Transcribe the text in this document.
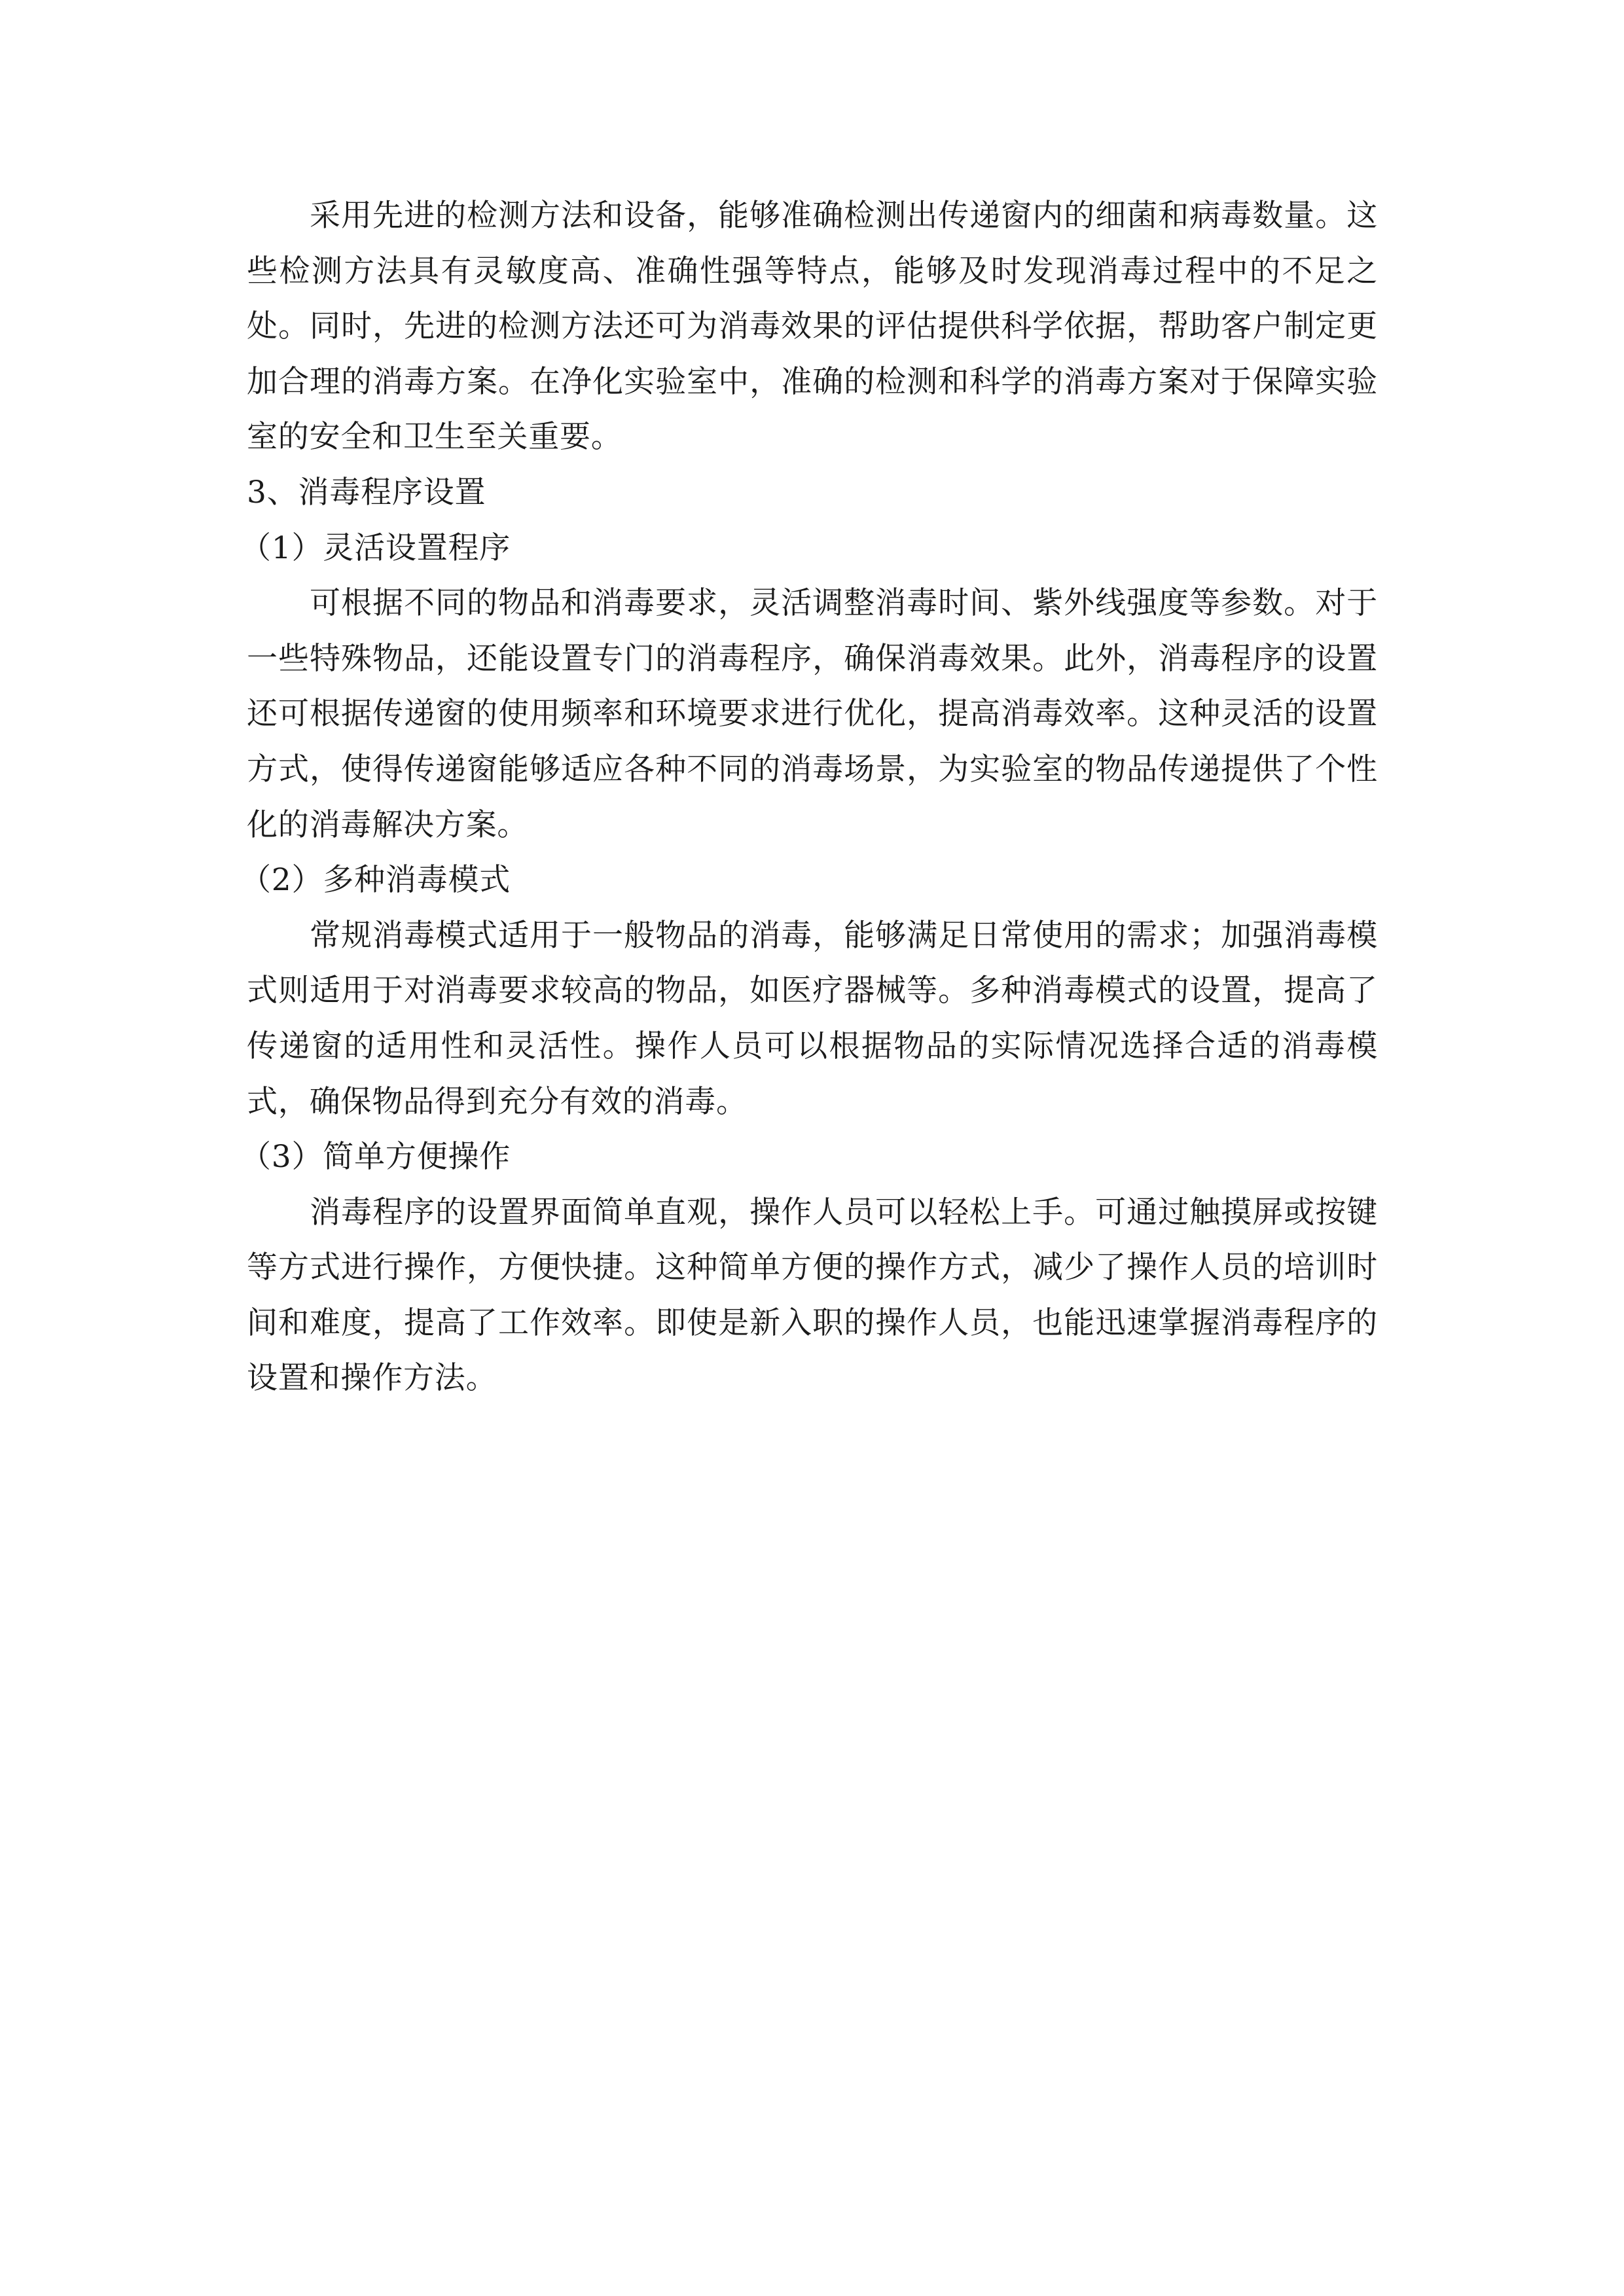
采用先进的检测方法和设备，能够准确检测出传递窗内的细菌和病毒数量。这些检测方法具有灵敏度高、准确性强等特点，能够及时发现消毒过程中的不足之处。同时，先进的检测方法还可为消毒效果的评估提供科学依据，帮助客户制定更加合理的消毒方案。在净化实验室中，准确的检测和科学的消毒方案对于保障实验室的安全和卫生至关重要。

3、消毒程序设置

（1）灵活设置程序

可根据不同的物品和消毒要求，灵活调整消毒时间、紫外线强度等参数。对于一些特殊物品，还能设置专门的消毒程序，确保消毒效果。此外，消毒程序的设置还可根据传递窗的使用频率和环境要求进行优化，提高消毒效率。这种灵活的设置方式，使得传递窗能够适应各种不同的消毒场景，为实验室的物品传递提供了个性化的消毒解决方案。

（2）多种消毒模式

常规消毒模式适用于一般物品的消毒，能够满足日常使用的需求；加强消毒模式则适用于对消毒要求较高的物品，如医疗器械等。多种消毒模式的设置，提高了传递窗的适用性和灵活性。操作人员可以根据物品的实际情况选择合适的消毒模式，确保物品得到充分有效的消毒。

（3）简单方便操作

消毒程序的设置界面简单直观，操作人员可以轻松上手。可通过触摸屏或按键等方式进行操作，方便快捷。这种简单方便的操作方式，减少了操作人员的培训时间和难度，提高了工作效率。即使是新入职的操作人员，也能迅速掌握消毒程序的设置和操作方法。
